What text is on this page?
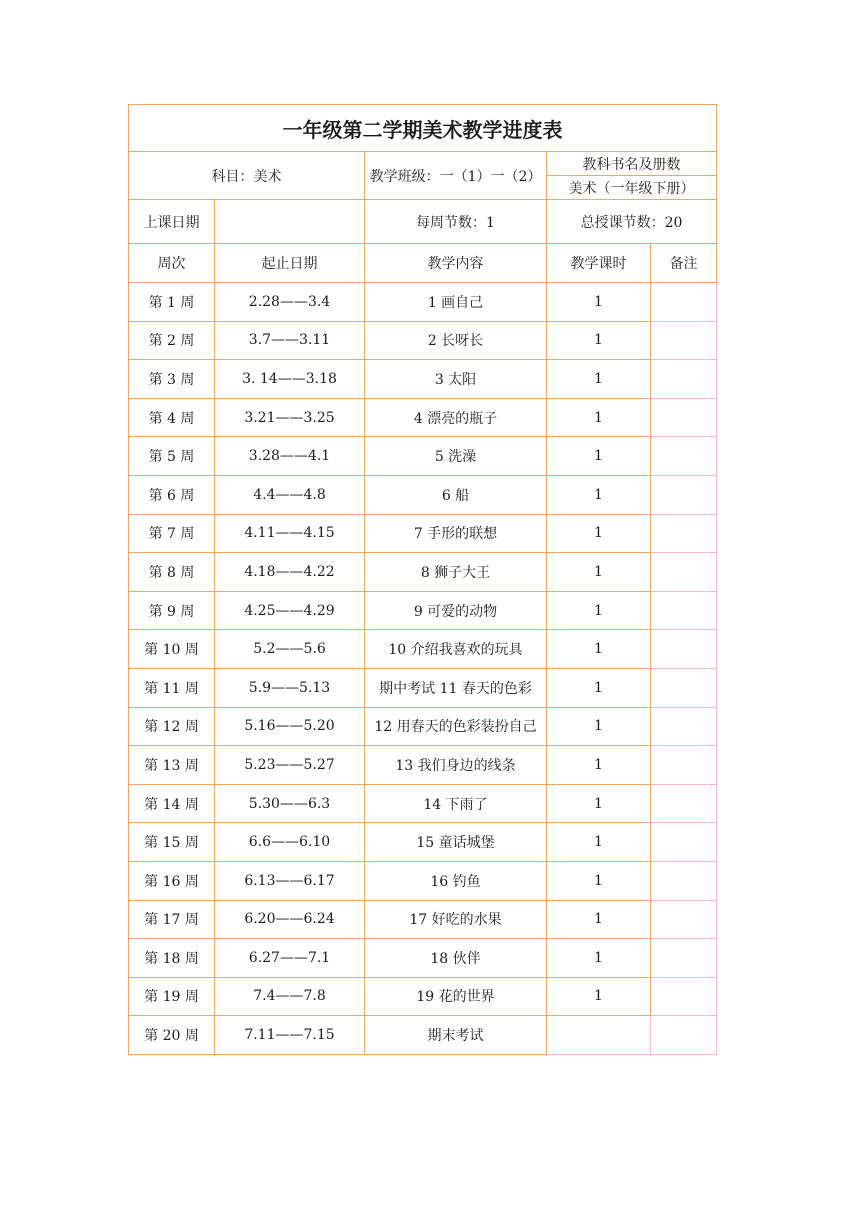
一年级第二学期美术教学进度表				
科目：美术		教学班级：一（1）一（2）	教科书名及册数	
			美术（一年级下册）	
上课日期		每周节数：1	总授课节数：20	
周次	起止日期	教学内容	教学课时	备注
第 1 周	2.28——3.4	1 画自己	1	
第 2 周	3.7——3.11	2 长呀长	1	
第 3 周	3. 14——3.18	3 太阳	1	
第 4 周	3.21——3.25	4 漂亮的瓶子	1	
第 5 周	3.28——4.1	5 洗澡	1	
第 6 周	4.4——4.8	6 船	1	
第 7 周	4.11——4.15	7 手形的联想	1	
第 8 周	4.18——4.22	8 狮子大王	1	
第 9 周	4.25——4.29	9 可爱的动物	1	
第 10 周	5.2——5.6	10 介绍我喜欢的玩具	1	
第 11 周	5.9——5.13	期中考试 11 春天的色彩	1	
第 12 周	5.16——5.20	12 用春天的色彩装扮自己	1	
第 13 周	5.23——5.27	13 我们身边的线条	1	
第 14 周	5.30——6.3	14 下雨了	1	
第 15 周	6.6——6.10	15 童话城堡	1	
第 16 周	6.13——6.17	16 钓鱼	1	
第 17 周	6.20——6.24	17 好吃的水果	1	
第 18 周	6.27——7.1	18 伙伴	1	
第 19 周	7.4——7.8	19 花的世界	1	
第 20 周	7.11——7.15	期末考试		
